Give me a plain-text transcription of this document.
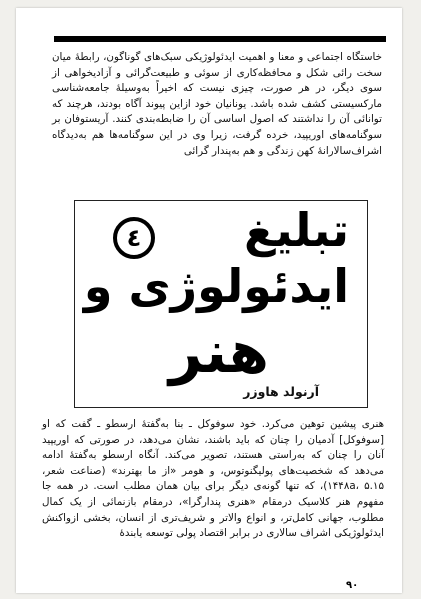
خاستگاه اجتماعی و معنا و اهمیت ایدئولوژیکی سبک‌های گوناگون، رابطهٔ میان سخت رائی شکل و محافظه‌کاری از سوئی و طبیعت‌گرائی و آزادیخواهی از سوی دیگر، در هر صورت، چیزی نیست که اخیراً به‌وسیلهٔ جامعه‌شناسی مارکسیستی کشف شده باشد. یونانیان خود ازاین پیوند آگاه بودند، هرچند که توانائی آن را نداشتند که اصول اساسی آن را ضابطه‌بندی کنند. آریستوفان بر سوگنامه‌های اوریپید، خرده گرفت، زیرا وی در این سوگنامه‌ها هم به‌دیدگاه اشراف‌سالارانهٔ کهن زندگی و هم به‌پندار گرائی

٤ تبلیغ
ایدئولوژی و
هنر
آرنولد هاوزر

هنری پیشین توهین می‌کرد. خود سوفوکل ـ بنا به‌گفتهٔ ارسطو ـ گفت که او [سوفوکل] آدمیان را چنان که باید باشند، نشان می‌دهد، در صورتی که اوریپید آنان را چنان که به‌راستی هستند، تصویر می‌کند. آنگاه ارسطو به‌گفتهٔ ادامه می‌دهد که شخصیت‌های پولیگنوتوس، و هومر «از ما بهترند» (صناعت شعر، ۱۴۴۸a، ۵.۱۵)، که تنها گونه‌ی دیگر برای بیان همان مطلب است. در همه جا مفهوم هنر کلاسیک درمقام «هنری پندارگرا»، درمقام بازنمائی از یک کمال مطلوب، جهانی کامل‌تر، و انواع والاتر و شریف‌تری از انسان، بخشی ازواکنش ایدئولوژیکی اشراف سالاری در برابر اقتصاد پولی توسعه یابندهٔ

۹۰
